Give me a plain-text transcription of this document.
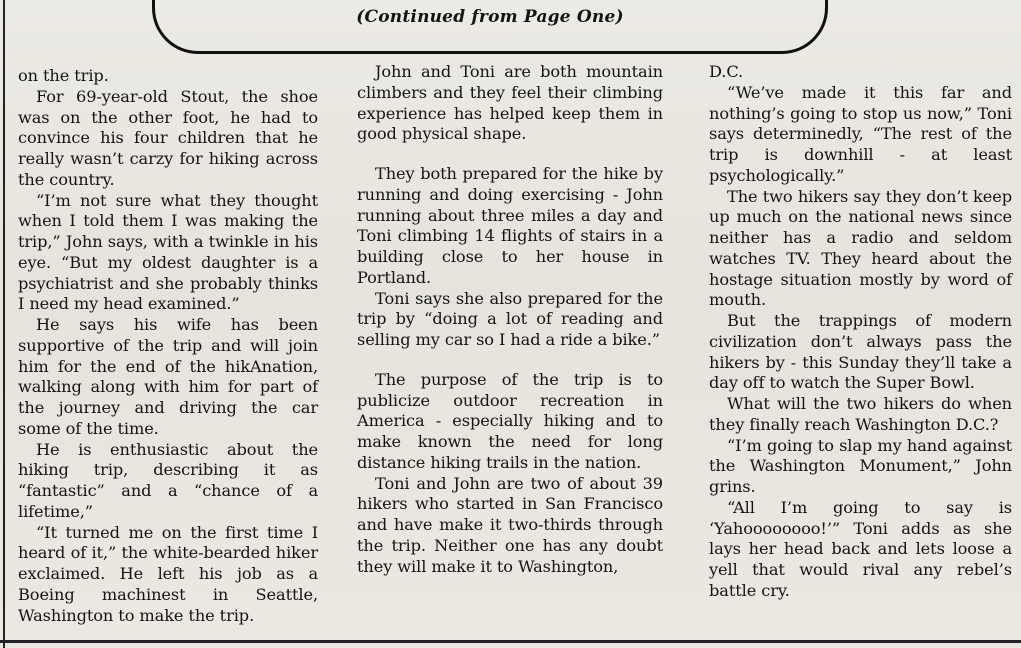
(Continued from Page One)

on the trip.

For 69-year-old Stout, the shoe was on the other foot, he had to convince his four children that he really wasn’t carzy for hiking across the country.

“I’m not sure what they thought when I told them I was making the trip,” John says, with a twinkle in his eye. “But my oldest daughter is a psychiatrist and she probably thinks I need my head examined.”

He says his wife has been supportive of the trip and will join him for the end of the hikAnation, walking along with him for part of the journey and driving the car some of the time.

He is enthusiastic about the hiking trip, describing it as “fantastic” and a “chance of a lifetime,”

“It turned me on the first time I heard of it,” the white-bearded hiker exclaimed. He left his job as a Boeing machinest in Seattle, Washington to make the trip.

John and Toni are both mountain climbers and they feel their climbing experience has helped keep them in good physical shape.

They both prepared for the hike by running and doing exercising - John running about three miles a day and Toni climbing 14 flights of stairs in a building close to her house in Portland.

Toni says she also prepared for the trip by “doing a lot of reading and selling my car so I had a ride a bike.”

The purpose of the trip is to publicize outdoor recreation in America - especially hiking and to make known the need for long distance hiking trails in the nation.

Toni and John are two of about 39 hikers who started in San Francisco and have make it two-thirds through the trip. Neither one has any doubt they will make it to Washington,

D.C.

“We’ve made it this far and nothing’s going to stop us now,” Toni says determinedly, “The rest of the trip is downhill - at least psychologically.”

The two hikers say they don’t keep up much on the national news since neither has a radio and seldom watches TV. They heard about the hostage situation mostly by word of mouth.

But the trappings of modern civilization don’t always pass the hikers by - this Sunday they’ll take a day off to watch the Super Bowl.

What will the two hikers do when they finally reach Washington D.C.?

“I’m going to slap my hand against the Washington Monument,” John grins.

“All I’m going to say is ‘Yahoooooooo!’” Toni adds as she lays her head back and lets loose a yell that would rival any rebel’s battle cry.
